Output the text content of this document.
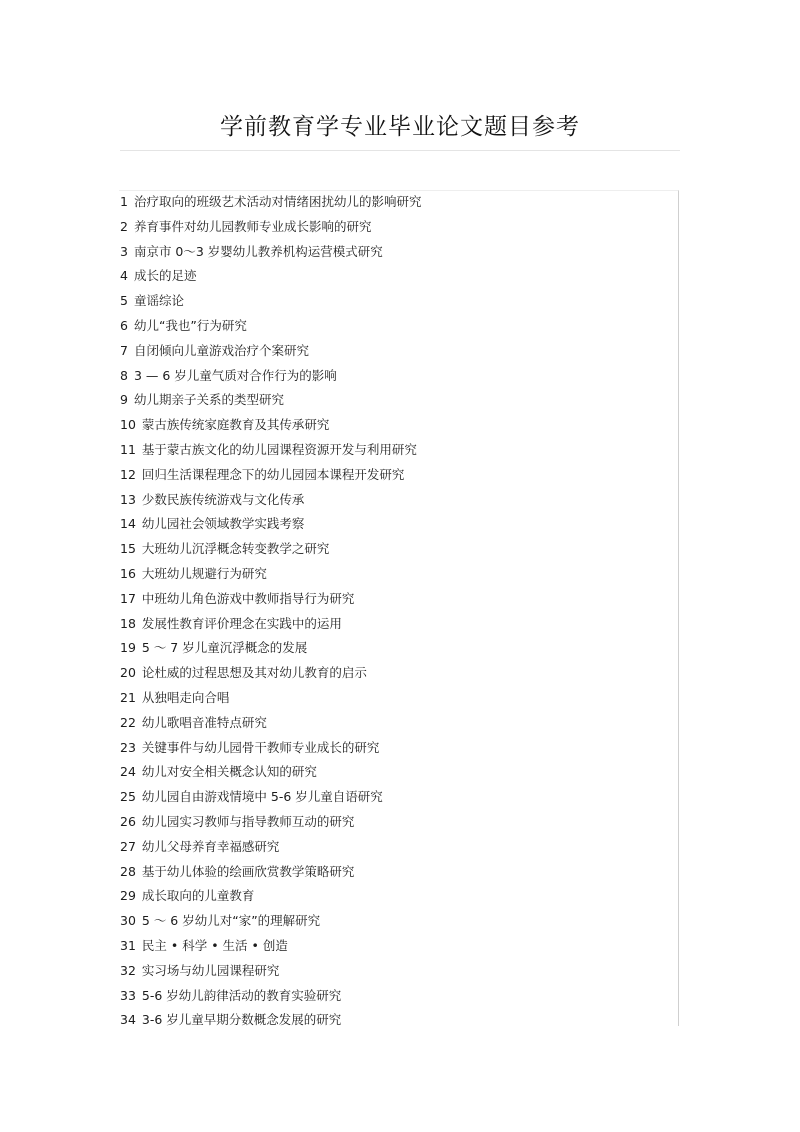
学前教育学专业毕业论文题目参考
1 治疗取向的班级艺术活动对情绪困扰幼儿的影响研究
2 养育事件对幼儿园教师专业成长影响的研究
3 南京市 0～3 岁婴幼儿教养机构运营模式研究
4 成长的足迹
5 童谣综论
6 幼儿“我也”行为研究
7 自闭倾向儿童游戏治疗个案研究
8 3 — 6 岁儿童气质对合作行为的影响
9 幼儿期亲子关系的类型研究
10 蒙古族传统家庭教育及其传承研究
11 基于蒙古族文化的幼儿园课程资源开发与利用研究
12 回归生活课程理念下的幼儿园园本课程开发研究
13 少数民族传统游戏与文化传承
14 幼儿园社会领域教学实践考察
15 大班幼儿沉浮概念转变教学之研究
16 大班幼儿规避行为研究
17 中班幼儿角色游戏中教师指导行为研究
18 发展性教育评价理念在实践中的运用
19 5 ～ 7 岁儿童沉浮概念的发展
20 论杜威的过程思想及其对幼儿教育的启示
21 从独唱走向合唱
22 幼儿歌唱音准特点研究
23 关键事件与幼儿园骨干教师专业成长的研究
24 幼儿对安全相关概念认知的研究
25 幼儿园自由游戏情境中 5-6 岁儿童自语研究
26 幼儿园实习教师与指导教师互动的研究
27 幼儿父母养育幸福感研究
28 基于幼儿体验的绘画欣赏教学策略研究
29 成长取向的儿童教育
30 5 ～ 6 岁幼儿对“家”的理解研究
31 民主 • 科学 • 生活 • 创造
32 实习场与幼儿园课程研究
33 5-6 岁幼儿韵律活动的教育实验研究
34 3-6 岁儿童早期分数概念发展的研究
